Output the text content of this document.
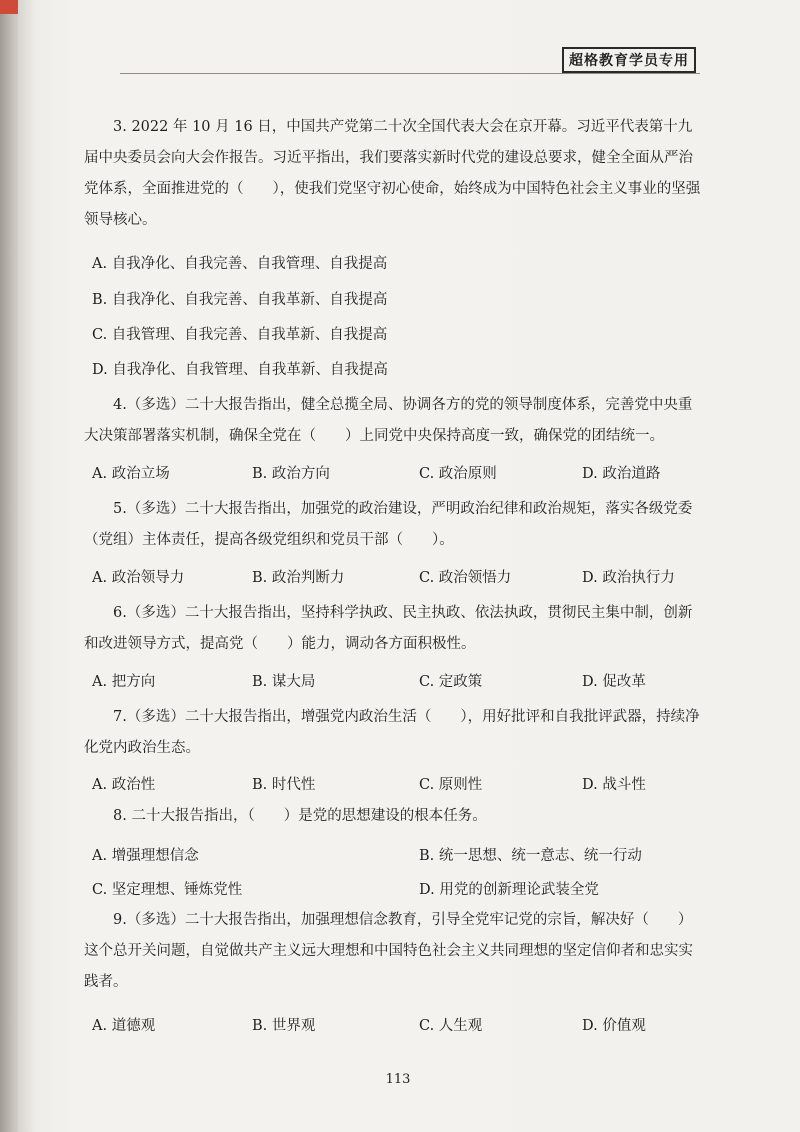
超格教育学员专用
3. 2022 年 10 月 16 日，中国共产党第二十次全国代表大会在京开幕。习近平代表第十九届中央委员会向大会作报告。习近平指出，我们要落实新时代党的建设总要求，健全全面从严治党体系，全面推进党的（　　），使我们党坚守初心使命，始终成为中国特色社会主义事业的坚强领导核心。
A. 自我净化、自我完善、自我管理、自我提高
B. 自我净化、自我完善、自我革新、自我提高
C. 自我管理、自我完善、自我革新、自我提高
D. 自我净化、自我管理、自我革新、自我提高
4.（多选）二十大报告指出，健全总揽全局、协调各方的党的领导制度体系，完善党中央重大决策部署落实机制，确保全党在（　　）上同党中央保持高度一致，确保党的团结统一。
A. 政治立场	B. 政治方向	C. 政治原则	D. 政治道路
5.（多选）二十大报告指出，加强党的政治建设，严明政治纪律和政治规矩，落实各级党委（党组）主体责任，提高各级党组织和党员干部（　　）。
A. 政治领导力	B. 政治判断力	C. 政治领悟力	D. 政治执行力
6.（多选）二十大报告指出，坚持科学执政、民主执政、依法执政，贯彻民主集中制，创新和改进领导方式，提高党（　　）能力，调动各方面积极性。
A. 把方向	B. 谋大局	C. 定政策	D. 促改革
7.（多选）二十大报告指出，增强党内政治生活（　　），用好批评和自我批评武器，持续净化党内政治生态。
A. 政治性	B. 时代性	C. 原则性	D. 战斗性
8. 二十大报告指出，（　　）是党的思想建设的根本任务。
A. 增强理想信念	B. 统一思想、统一意志、统一行动
C. 坚定理想、锤炼党性	D. 用党的创新理论武装全党
9.（多选）二十大报告指出，加强理想信念教育，引导全党牢记党的宗旨，解决好（　　）这个总开关问题，自觉做共产主义远大理想和中国特色社会主义共同理想的坚定信仰者和忠实实践者。
A. 道德观	B. 世界观	C. 人生观	D. 价值观
113
